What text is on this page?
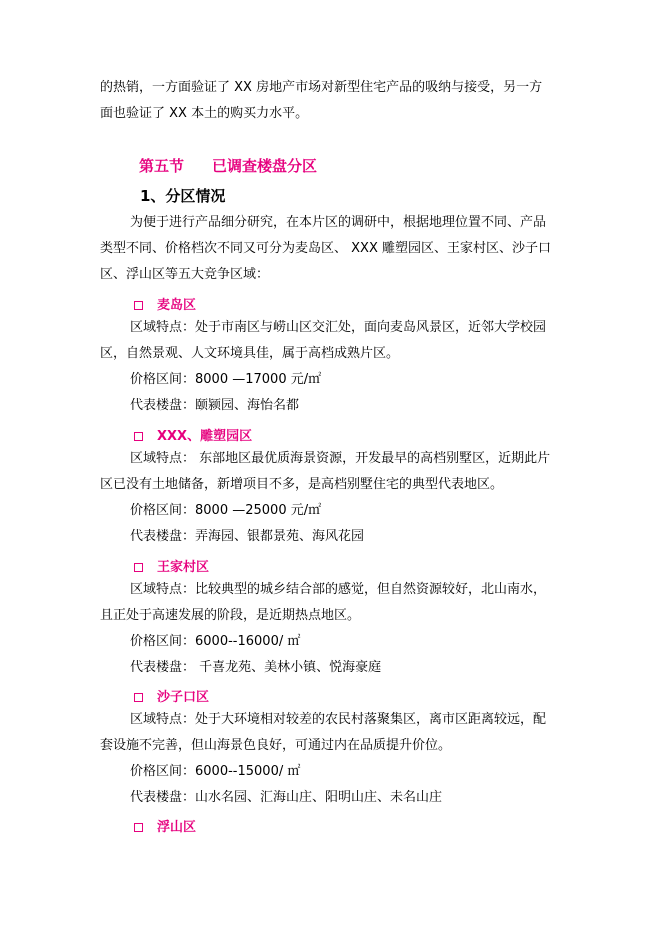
的热销，一方面验证了 XX 房地产市场对新型住宅产品的吸纳与接受，另一方
面也验证了 XX 本土的购买力水平。
第五节 已调查楼盘分区
1、分区情况
为便于进行产品细分研究，在本片区的调研中，根据地理位置不同、产品
类型不同、价格档次不同又可分为麦岛区、 XXX 雕塑园区、王家村区、沙子口
区、浮山区等五大竞争区域：
麦岛区
区域特点：处于市南区与崂山区交汇处，面向麦岛风景区，近邻大学校园
区，自然景观、人文环境具佳，属于高档成熟片区。
价格区间：8000 —17000 元/㎡
代表楼盘：颐颍园、海怡名都
XXX、雕塑园区
区域特点： 东部地区最优质海景资源，开发最早的高档别墅区，近期此片
区已没有土地储备，新增项目不多，是高档别墅住宅的典型代表地区。
价格区间：8000 —25000 元/㎡
代表楼盘：弄海园、银都景苑、海风花园
王家村区
区域特点：比较典型的城乡结合部的感觉，但自然资源较好，北山南水，
且正处于高速发展的阶段，是近期热点地区。
价格区间：6000--16000/ ㎡
代表楼盘： 千喜龙苑、美林小镇、悦海豪庭
沙子口区
区域特点：处于大环境相对较差的农民村落聚集区，离市区距离较远，配
套设施不完善，但山海景色良好，可通过内在品质提升价位。
价格区间：6000--15000/ ㎡
代表楼盘：山水名园、汇海山庄、阳明山庄、未名山庄
浮山区
